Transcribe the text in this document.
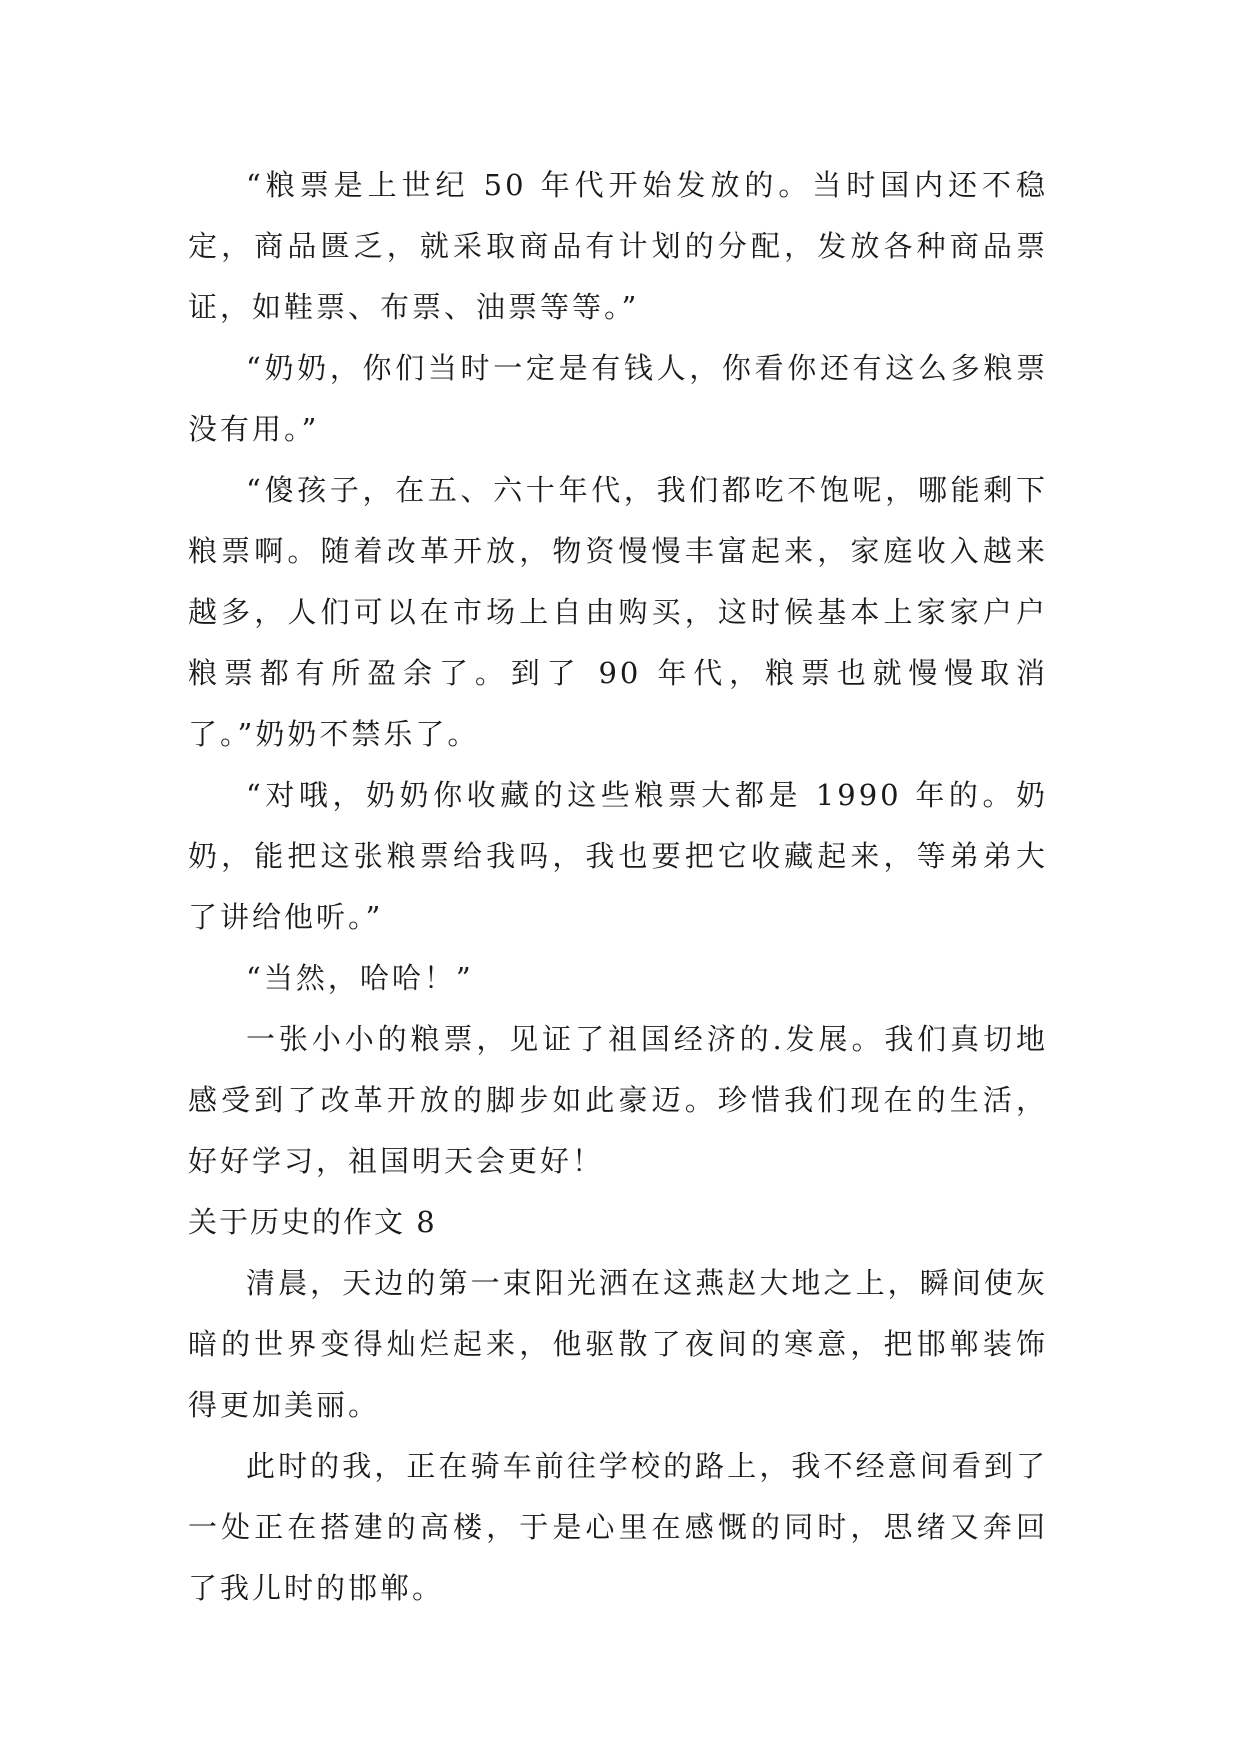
“粮票是上世纪 50 年代开始发放的。当时国内还不稳定，商品匮乏，就采取商品有计划的分配，发放各种商品票证，如鞋票、布票、油票等等。”

“奶奶，你们当时一定是有钱人，你看你还有这么多粮票没有用。”

“傻孩子，在五、六十年代，我们都吃不饱呢，哪能剩下粮票啊。随着改革开放，物资慢慢丰富起来，家庭收入越来越多，人们可以在市场上自由购买，这时候基本上家家户户粮票都有所盈余了。到了 90 年代，粮票也就慢慢取消了。”奶奶不禁乐了。

“对哦，奶奶你收藏的这些粮票大都是 1990 年的。奶奶，能把这张粮票给我吗，我也要把它收藏起来，等弟弟大了讲给他听。”

“当然，哈哈！”

一张小小的粮票，见证了祖国经济的.发展。我们真切地感受到了改革开放的脚步如此豪迈。珍惜我们现在的生活，好好学习，祖国明天会更好！

关于历史的作文 8

清晨，天边的第一束阳光洒在这燕赵大地之上，瞬间使灰暗的世界变得灿烂起来，他驱散了夜间的寒意，把邯郸装饰得更加美丽。

此时的我，正在骑车前往学校的路上，我不经意间看到了一处正在搭建的高楼，于是心里在感慨的同时，思绪又奔回了我儿时的邯郸。
